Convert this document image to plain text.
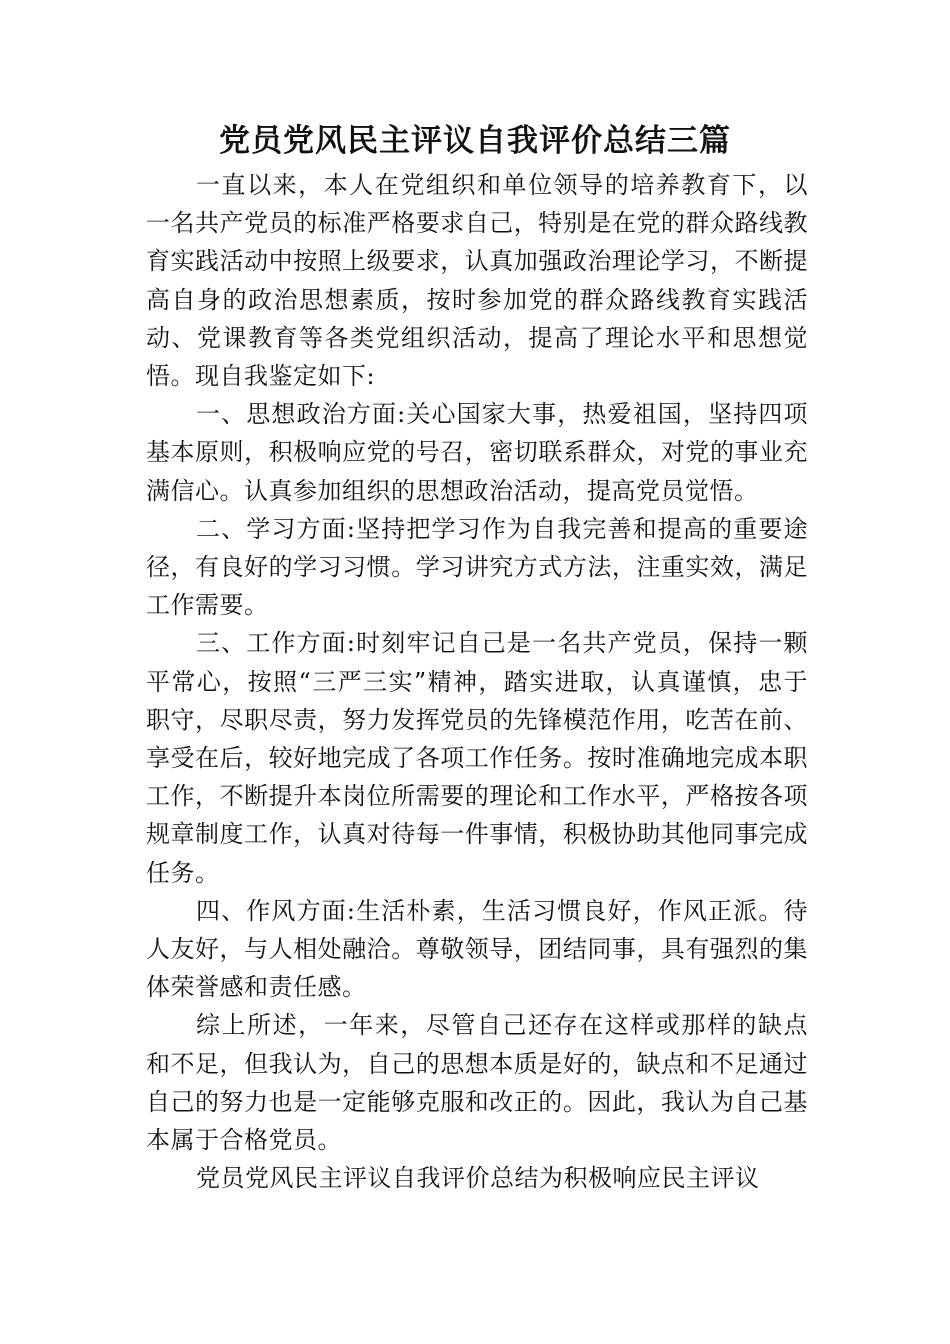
党员党风民主评议自我评价总结三篇

一直以来，本人在党组织和单位领导的培养教育下，以一名共产党员的标准严格要求自己，特别是在党的群众路线教育实践活动中按照上级要求，认真加强政治理论学习，不断提高自身的政治思想素质，按时参加党的群众路线教育实践活动、党课教育等各类党组织活动，提高了理论水平和思想觉悟。现自我鉴定如下:

一、思想政治方面:关心国家大事，热爱祖国，坚持四项基本原则，积极响应党的号召，密切联系群众，对党的事业充满信心。认真参加组织的思想政治活动，提高党员觉悟。

二、学习方面:坚持把学习作为自我完善和提高的重要途径，有良好的学习习惯。学习讲究方式方法，注重实效，满足工作需要。

三、工作方面:时刻牢记自己是一名共产党员，保持一颗平常心，按照“三严三实”精神，踏实进取，认真谨慎，忠于职守，尽职尽责，努力发挥党员的先锋模范作用，吃苦在前、享受在后，较好地完成了各项工作任务。按时准确地完成本职工作，不断提升本岗位所需要的理论和工作水平，严格按各项规章制度工作，认真对待每一件事情，积极协助其他同事完成任务。

四、作风方面:生活朴素，生活习惯良好，作风正派。待人友好，与人相处融洽。尊敬领导，团结同事，具有强烈的集体荣誉感和责任感。

综上所述，一年来，尽管自己还存在这样或那样的缺点和不足，但我认为，自己的思想本质是好的，缺点和不足通过自己的努力也是一定能够克服和改正的。因此，我认为自己基本属于合格党员。

党员党风民主评议自我评价总结为积极响应民主评议
